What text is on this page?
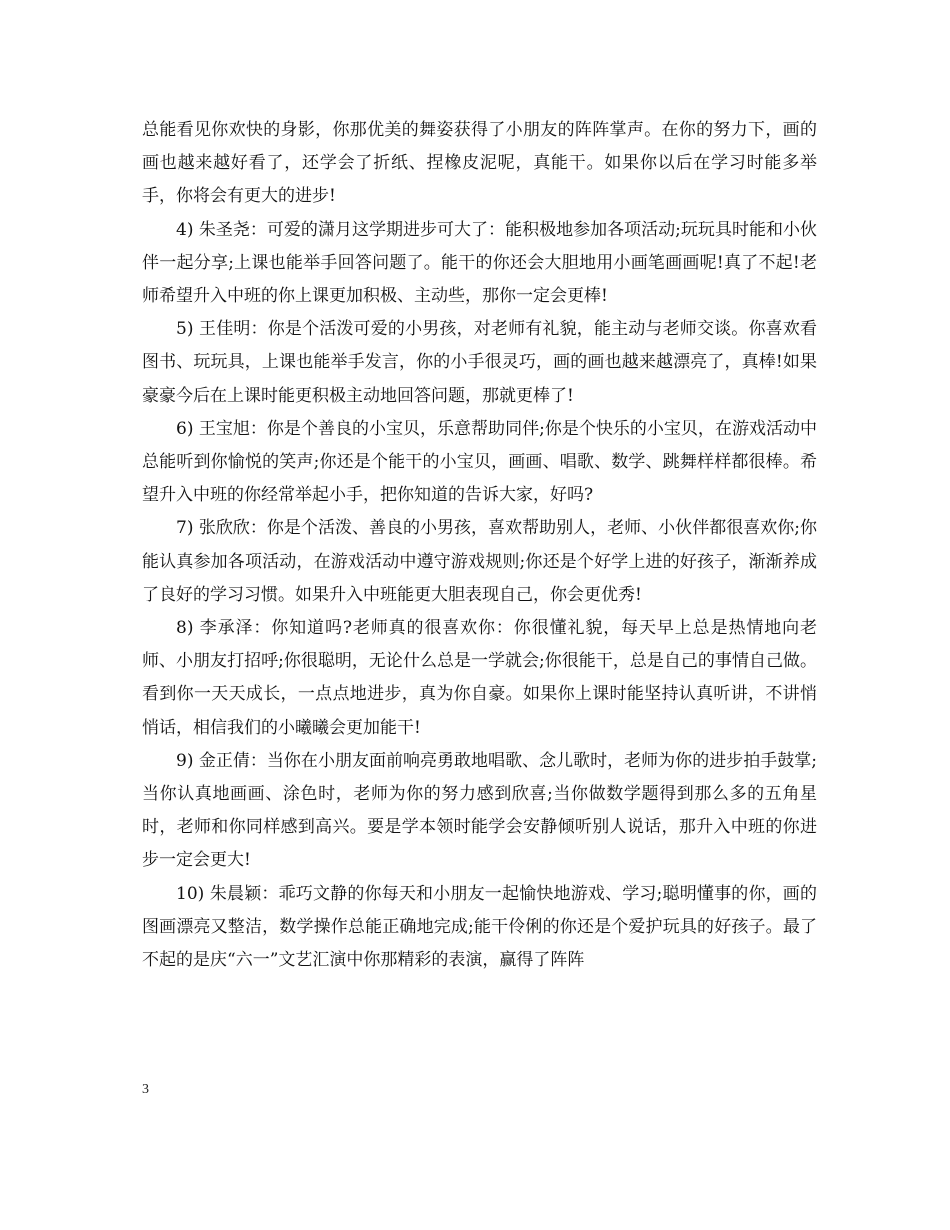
总能看见你欢快的身影，你那优美的舞姿获得了小朋友的阵阵掌声。在你的努力下，画的画也越来越好看了，还学会了折纸、捏橡皮泥呢，真能干。如果你以后在学习时能多举手，你将会有更大的进步!

4) 朱圣尧：可爱的潇月这学期进步可大了：能积极地参加各项活动;玩玩具时能和小伙伴一起分享;上课也能举手回答问题了。能干的你还会大胆地用小画笔画画呢!真了不起!老师希望升入中班的你上课更加积极、主动些，那你一定会更棒!

5) 王佳明：你是个活泼可爱的小男孩，对老师有礼貌，能主动与老师交谈。你喜欢看图书、玩玩具，上课也能举手发言，你的小手很灵巧，画的画也越来越漂亮了，真棒!如果豪豪今后在上课时能更积极主动地回答问题，那就更棒了!

6) 王宝旭：你是个善良的小宝贝，乐意帮助同伴;你是个快乐的小宝贝，在游戏活动中总能听到你愉悦的笑声;你还是个能干的小宝贝，画画、唱歌、数学、跳舞样样都很棒。希望升入中班的你经常举起小手，把你知道的告诉大家，好吗?

7) 张欣欣：你是个活泼、善良的小男孩，喜欢帮助别人，老师、小伙伴都很喜欢你;你能认真参加各项活动，在游戏活动中遵守游戏规则;你还是个好学上进的好孩子，渐渐养成了良好的学习习惯。如果升入中班能更大胆表现自己，你会更优秀!

8) 李承泽：你知道吗?老师真的很喜欢你：你很懂礼貌，每天早上总是热情地向老师、小朋友打招呼;你很聪明，无论什么总是一学就会;你很能干，总是自己的事情自己做。看到你一天天成长，一点点地进步，真为你自豪。如果你上课时能坚持认真听讲，不讲悄悄话，相信我们的小曦曦会更加能干!

9) 金正倩：当你在小朋友面前响亮勇敢地唱歌、念儿歌时，老师为你的进步拍手鼓掌;当你认真地画画、涂色时，老师为你的努力感到欣喜;当你做数学题得到那么多的五角星时，老师和你同样感到高兴。要是学本领时能学会安静倾听别人说话，那升入中班的你进步一定会更大!

10) 朱晨颖：乖巧文静的你每天和小朋友一起愉快地游戏、学习;聪明懂事的你，画的图画漂亮又整洁，数学操作总能正确地完成;能干伶俐的你还是个爱护玩具的好孩子。最了不起的是庆“六一”文艺汇演中你那精彩的表演，赢得了阵阵

3
